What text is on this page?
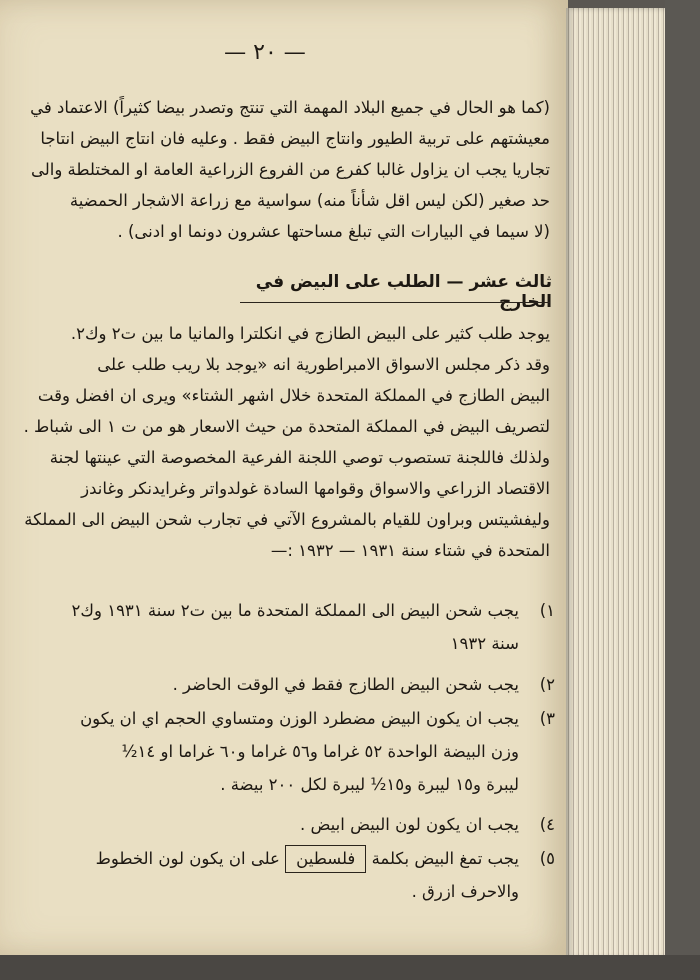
— ٢٠ —
(كما هو الحال في جميع البلاد المهمة التي تنتج وتصدر بيضا كثيراً) الاعتماد في
معيشتهم على تربية الطيور وانتاج البيض فقط . وعليه فان انتاج البيض انتاجا
تجاريا يجب ان يزاول غالبا كفرع من الفروع الزراعية العامة او المختلطة والى
حد صغير (لكن ليس اقل شأناً منه) سواسية مع زراعة الاشجار الحمضية
(لا سيما في البيارات التي تبلغ مساحتها عشرون دونما او ادنى) .
ثالث عشر — الطلب على البيض في الخارج
يوجد طلب كثير على البيض الطازج في انكلترا والمانيا ما بين ت٢ وك٢.
وقد ذكر مجلس الاسواق الامبراطورية انه «يوجد بلا ريب طلب على
البيض الطازج في المملكة المتحدة خلال اشهر الشتاء» ويرى ان افضل وقت
لتصريف البيض في المملكة المتحدة من حيث الاسعار هو من ت ١ الى شباط .
ولذلك فاللجنة تستصوب توصي اللجنة الفرعية المخصوصة التي عينتها لجنة
الاقتصاد الزراعي والاسواق وقوامها السادة غولدواتر وغرايدنكر وغاندز
وليفشيتس وبراون للقيام بالمشروع الآتي في تجارب شحن البيض الى المملكة
المتحدة في شتاء سنة ١٩٣١ — ١٩٣٢ :—
١)يجب شحن البيض الى المملكة المتحدة ما بين ت٢ سنة ١٩٣١ وك٢
سنة ١٩٣٢
٢)يجب شحن البيض الطازج فقط في الوقت الحاضر .
٣)يجب ان يكون البيض مضطرد الوزن ومتساوي الحجم اي ان يكون
وزن البيضة الواحدة ٥٢ غراما و٥٦ غراما و٦٠ غراما او ١٤½
ليبرة و١٥ ليبرة و١٥½ ليبرة لكل ٢٠٠ بيضة .
٤)يجب ان يكون لون البيض ابيض .
٥)يجب تمغ البيض بكلمة فلسطين على ان يكون لون الخطوط
والاحرف ازرق .
